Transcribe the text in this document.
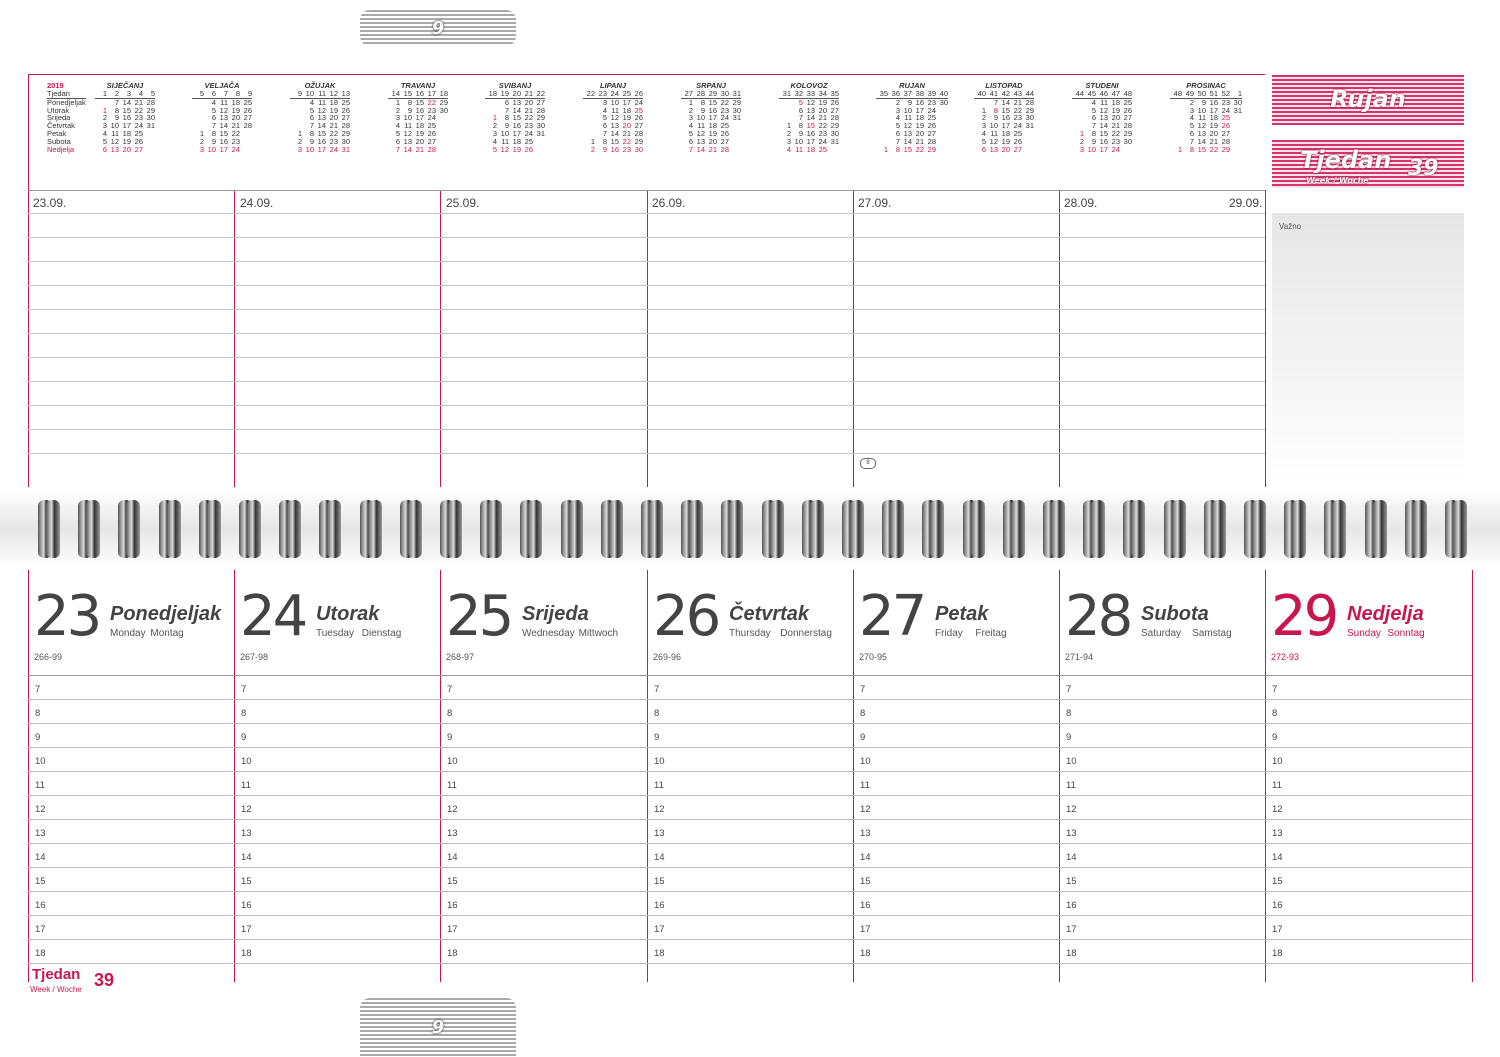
9
2019
Tjedan
Ponedjeljak
Utorak
Srijeda
Četvrtak
Petak
Subota
Nedjelja
SIJEČANJ
1	2	3	4	5
	7	14	21	28
1	8	15	22	29
2	9	16	23	30
3	10	17	24	31
4	11	18	25	
5	12	19	26	
6	13	20	27	
VELJAČA
5	6	7	8	9
	4	11	18	25
	5	12	19	26
	6	13	20	27
	7	14	21	28
1	8	15	22	
2	9	16	23	
3	10	17	24	
OŽUJAK
9	10	11	12	13
	4	11	18	25
	5	12	19	26
	6	13	20	27
	7	14	21	28
1	8	15	22	29
2	9	16	23	30
3	10	17	24	31
TRAVANJ
14	15	16	17	18
1	8	15	22	29
2	9	16	23	30
3	10	17	24	
4	11	18	25	
5	12	19	26	
6	13	20	27	
7	14	21	28	
SVIBANJ
18	19	20	21	22
	6	13	20	27
	7	14	21	28
1	8	15	22	29
2	9	16	23	30
3	10	17	24	31
4	11	18	25	
5	12	19	26	
LIPANJ
22	23	24	25	26
	3	10	17	24
	4	11	18	25
	5	12	19	26
	6	13	20	27
	7	14	21	28
1	8	15	22	29
2	9	16	23	30
SRPANJ
27	28	29	30	31
1	8	15	22	29
2	9	16	23	30
3	10	17	24	31
4	11	18	25	
5	12	19	26	
6	13	20	27	
7	14	21	28	
KOLOVOZ
31	32	33	34	35
	5	12	19	26
	6	13	20	27
	7	14	21	28
1	8	15	22	29
2	9	16	23	30
3	10	17	24	31
4	11	18	25	
RUJAN
35	36	37	38	39	40
	2	9	16	23	30
	3	10	17	24	
	4	11	18	25	
	5	12	19	26	
	6	13	20	27	
	7	14	21	28	
1	8	15	22	29	
LISTOPAD
40	41	42	43	44
	7	14	21	28
1	8	15	22	29
2	9	16	23	30
3	10	17	24	31
4	11	18	25	
5	12	19	26	
6	13	20	27	
STUDENI
44	45	46	47	48
	4	11	18	25
	5	12	19	26
	6	13	20	27
	7	14	21	28
1	8	15	22	29
2	9	16	23	30
3	10	17	24	
PROSINAC
48	49	50	51	52	1
	2	9	16	23	30
	3	10	17	24	31
	4	11	18	25	
	5	12	19	26	
	6	13	20	27	
	7	14	21	28	
1	8	15	22	29	
Rujan
Tjedan 39
Week / Woche
Važno
23.09.	24.09.	25.09.	26.09.	27.09.	28.09.	29.09.
8
23 Ponedjeljak
266-99
Monday Montag
7
8
9
10
11
12
13
14
15
16
17
18
24 Utorak
267-98
Tuesday Dienstag
7
8
9
10
11
12
13
14
15
16
17
18
25 Srijeda
268-97
Wednesday Mittwoch
7
8
9
10
11
12
13
14
15
16
17
18
26 Četvrtak
269-96
Thursday Donnerstag
7
8
9
10
11
12
13
14
15
16
17
18
27 Petak
270-95
Friday Freitag
7
8
9
10
11
12
13
14
15
16
17
18
28 Subota
271-94
Saturday Samstag
7
8
9
10
11
12
13
14
15
16
17
18
29 Nedjelja
272-93
Sunday Sonntag
7
8
9
10
11
12
13
14
15
16
17
18
Tjedan
Week / Woche 39
9
